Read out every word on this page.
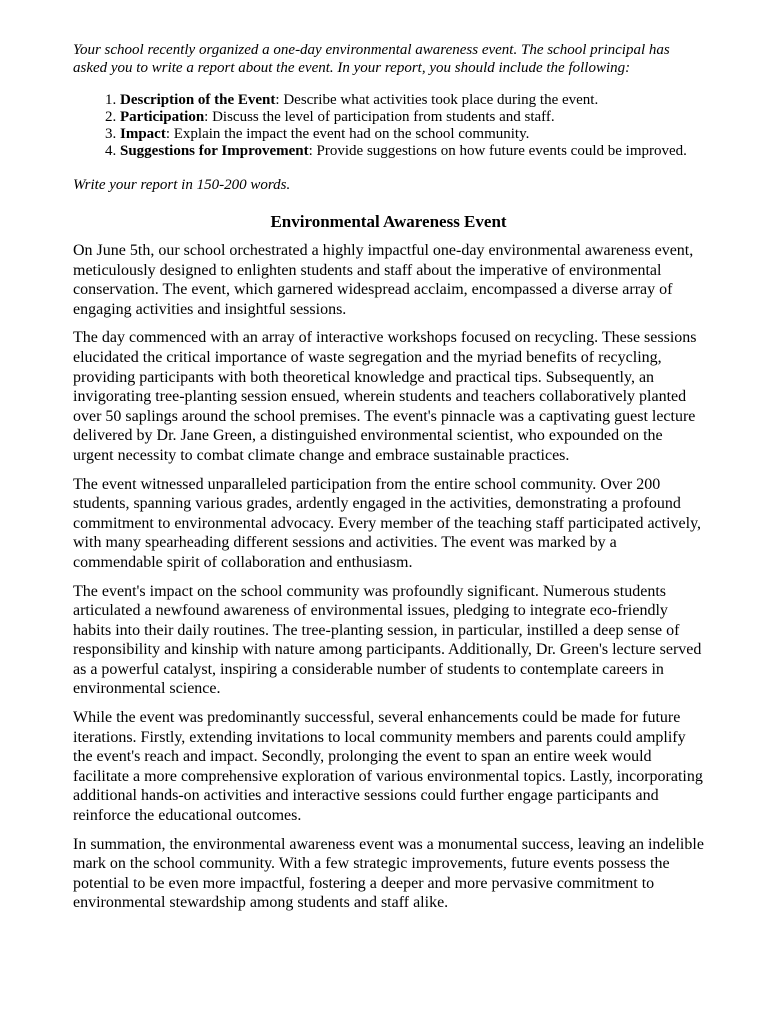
Your school recently organized a one-day environmental awareness event. The school principal has asked you to write a report about the event. In your report, you should include the following:

1. Description of the Event: Describe what activities took place during the event.
2. Participation: Discuss the level of participation from students and staff.
3. Impact: Explain the impact the event had on the school community.
4. Suggestions for Improvement: Provide suggestions on how future events could be improved.

Write your report in 150-200 words.

Environmental Awareness Event

On June 5th, our school orchestrated a highly impactful one-day environmental awareness event, meticulously designed to enlighten students and staff about the imperative of environmental conservation. The event, which garnered widespread acclaim, encompassed a diverse array of engaging activities and insightful sessions.

The day commenced with an array of interactive workshops focused on recycling. These sessions elucidated the critical importance of waste segregation and the myriad benefits of recycling, providing participants with both theoretical knowledge and practical tips. Subsequently, an invigorating tree-planting session ensued, wherein students and teachers collaboratively planted over 50 saplings around the school premises. The event's pinnacle was a captivating guest lecture delivered by Dr. Jane Green, a distinguished environmental scientist, who expounded on the urgent necessity to combat climate change and embrace sustainable practices.

The event witnessed unparalleled participation from the entire school community. Over 200 students, spanning various grades, ardently engaged in the activities, demonstrating a profound commitment to environmental advocacy. Every member of the teaching staff participated actively, with many spearheading different sessions and activities. The event was marked by a commendable spirit of collaboration and enthusiasm.

The event's impact on the school community was profoundly significant. Numerous students articulated a newfound awareness of environmental issues, pledging to integrate eco-friendly habits into their daily routines. The tree-planting session, in particular, instilled a deep sense of responsibility and kinship with nature among participants. Additionally, Dr. Green's lecture served as a powerful catalyst, inspiring a considerable number of students to contemplate careers in environmental science.

While the event was predominantly successful, several enhancements could be made for future iterations. Firstly, extending invitations to local community members and parents could amplify the event's reach and impact. Secondly, prolonging the event to span an entire week would facilitate a more comprehensive exploration of various environmental topics. Lastly, incorporating additional hands-on activities and interactive sessions could further engage participants and reinforce the educational outcomes.

In summation, the environmental awareness event was a monumental success, leaving an indelible mark on the school community. With a few strategic improvements, future events possess the potential to be even more impactful, fostering a deeper and more pervasive commitment to environmental stewardship among students and staff alike.
